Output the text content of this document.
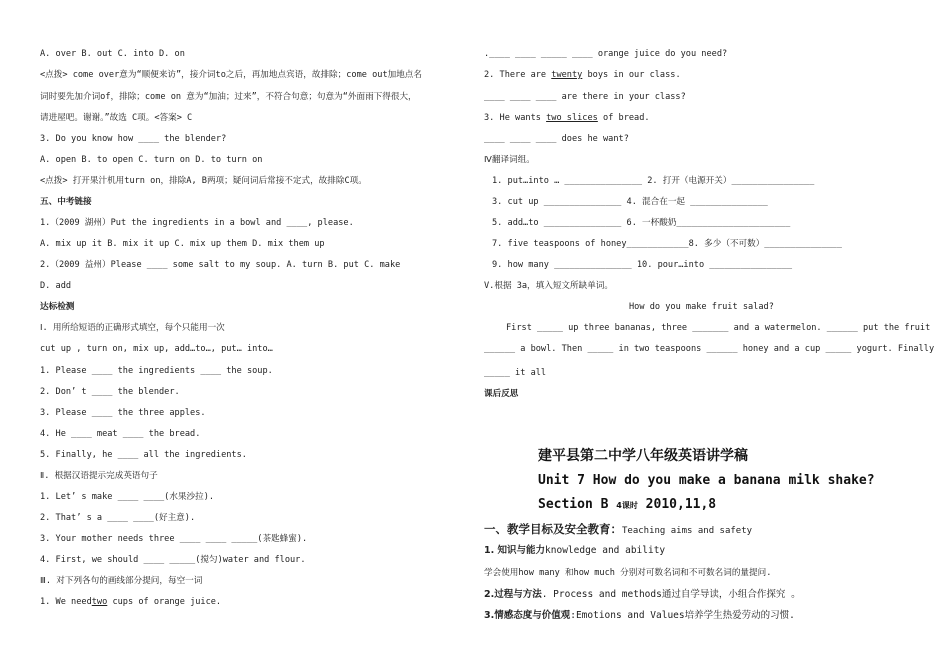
A. over B. out C. into D. on
<点拨> come over意为“顺便来访”，接介词to之后，再加地点宾语，故排除；come out加地点名
词时要先加介词of，排除；come on 意为“加油；过来”，不符合句意；句意为“外面雨下得很大，
请进屋吧。谢谢。”故选 C项。<答案> C
3. Do you know how ____ the blender?
A. open B. to open C. turn on D. to turn on
<点拨> 打开果汁机用turn on，排除A, B两项；疑问词后常接不定式，故排除C项。
五、中考链接
1.（2009 湖州）Put the ingredients in a bowl and ____, please.
A. mix up it B. mix it up C. mix up them D. mix them up
2.（2009 益州）Please ____ some salt to my soup. A. turn B. put C. make
D. add
达标检测
Ⅰ. 用所给短语的正确形式填空，每个只能用一次
cut up , turn on, mix up, add…to…, put… into…
1. Please ____ the ingredients ____ the soup.
2. Don’ t ____ the blender.
3. Please ____ the three apples.
4. He ____ meat ____ the bread.
5. Finally, he ____ all the ingredients.
Ⅱ. 根据汉语提示完成英语句子
1. Let’ s make ____ ____(水果沙拉).
2. That’ s a ____ ____(好主意).
3. Your mother needs three ____ ____ _____(茶匙蜂蜜).
4. First, we should ____ _____(搅匀)water and flour.
Ⅲ. 对下列各句的画线部分提问，每空一词
1. We needtwo cups of orange juice.
.____ ____ _____ ____ orange juice do you need?
2. There are twenty boys in our class.
____ ____ ____ are there in your class?
3. He wants two slices of bread.
____ ____ ____ does he want?
Ⅳ翻译词组。
1. put…into … _______________ 2. 打开（电源开关）________________
3. cut up _______________ 4. 混合在一起 _______________
5. add…to _______________ 6. 一杯酸奶______________________
7. five teaspoons of honey____________8. 多少（不可数）_______________
9. how many _______________ 10. pour…into ________________
V.根据 3a，填入短文所缺单词。
How do you make fruit salad?
First _____ up three bananas, three _______ and a watermelon. ______ put the fruit
______ a bowl. Then _____ in two teaspoons ______ honey and a cup _____ yogurt. Finally
_____ it all
课后反思
建平县第二中学八年级英语讲学稿
Unit 7 How do you make a banana milk shake?
Section B 4课时 2010,11,8
一、教学目标及安全教育：Teaching aims and safety
1. 知识与能力knowledge and ability
学会使用how many 和how much 分别对可数名词和不可数名词的量提问.
2.过程与方法. Process and methods通过自学导读，小组合作探究 。
3.情感态度与价值观:Emotions and Values培养学生热爱劳动的习惯.
